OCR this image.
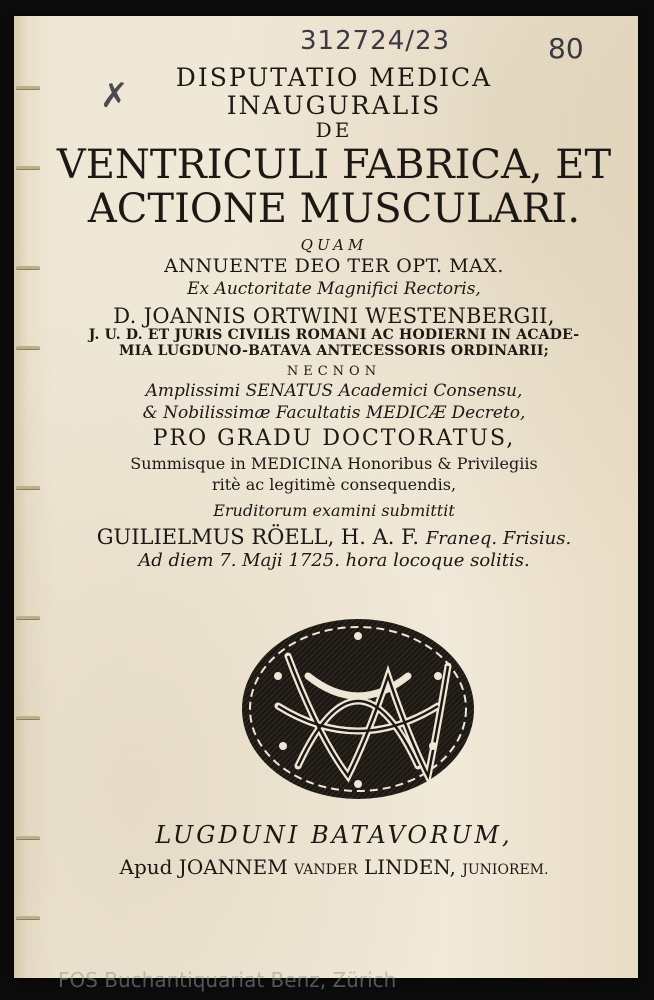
312724/23	80
✗	DISPUTATIO MEDICA
INAUGURALIS
DE
VENTRICULI FABRICA, ET
ACTIONE MUSCULARI.
QUAM
ANNUENTE DEO TER OPT. MAX.
Ex Auctoritate Magnifici Rectoris,
D. JOANNIS ORTWINI WESTENBERGII,
J. U. D. ET JURIS CIVILIS ROMANI AC HODIERNI IN ACADE-
MIA LUGDUNO-BATAVA ANTECESSORIS ORDINARII;
NECNON
Amplissimi SENATUS Academici Consensu,
& Nobilissimæ Facultatis MEDICÆ Decreto,
PRO GRADU DOCTORATUS,
Summisque in MEDICINA Honoribus & Privilegiis
ritè ac legitimè consequendis,
Eruditorum examini submittit
GUILIELMUS RÖELL, H. A. F. Franeq. Frisius.
Ad diem 7. Maji 1725. hora locoque solitis.
LUGDUNI BATAVORUM,
Apud JOANNEM VANDER LINDEN, JUNIOREM.
FOS Buchantiquariat Benz, Zürich
